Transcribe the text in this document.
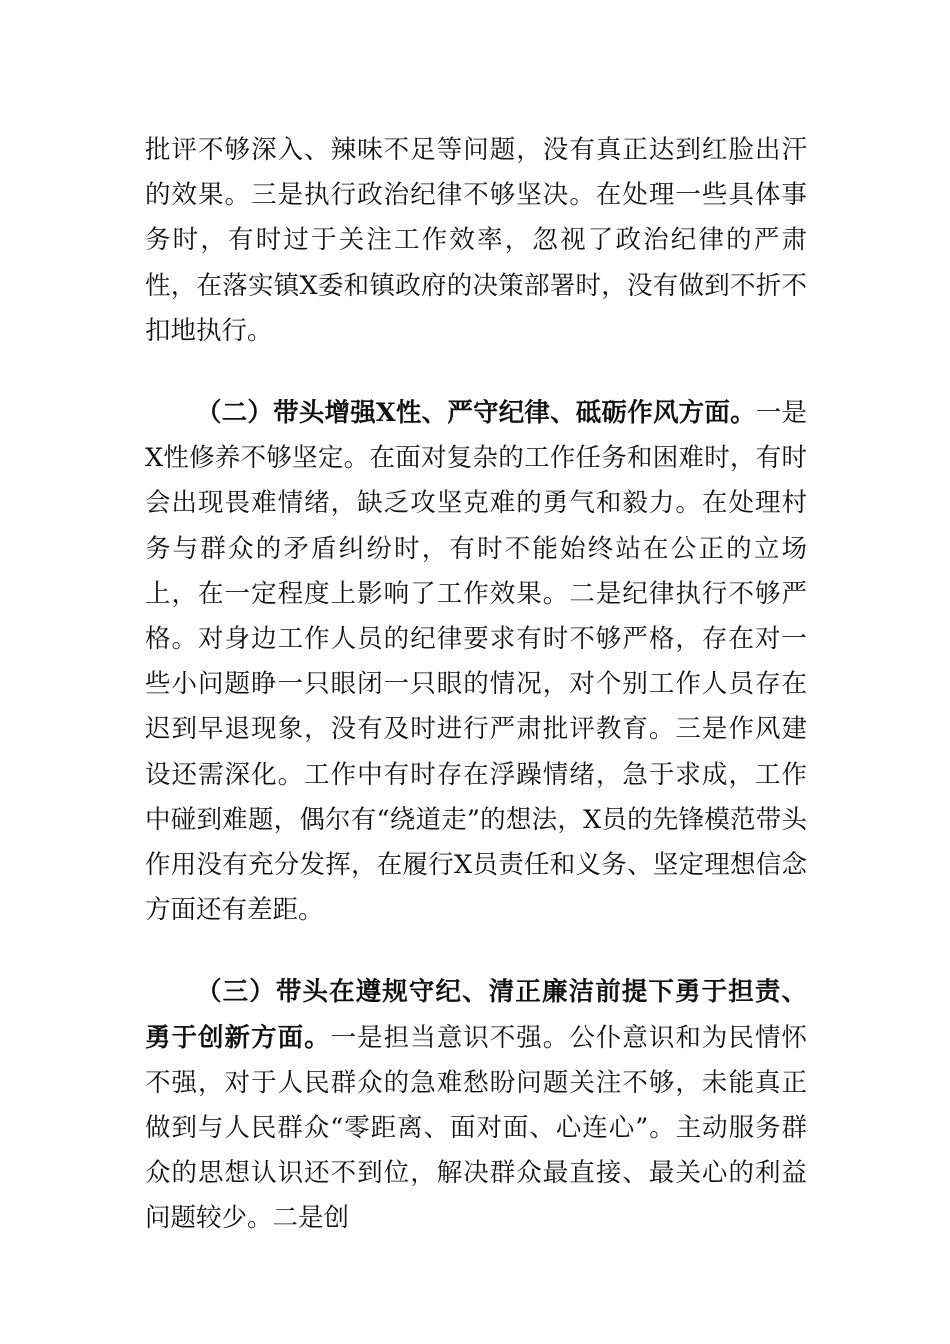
批评不够深入、辣味不足等问题，没有真正达到红脸出汗的效果。三是执行政治纪律不够坚决。在处理一些具体事务时，有时过于关注工作效率，忽视了政治纪律的严肃性，在落实镇X委和镇政府的决策部署时，没有做到不折不扣地执行。

（二）带头增强X性、严守纪律、砥砺作风方面。一是X性修养不够坚定。在面对复杂的工作任务和困难时，有时会出现畏难情绪，缺乏攻坚克难的勇气和毅力。在处理村务与群众的矛盾纠纷时，有时不能始终站在公正的立场上，在一定程度上影响了工作效果。二是纪律执行不够严格。对身边工作人员的纪律要求有时不够严格，存在对一些小问题睁一只眼闭一只眼的情况，对个别工作人员存在迟到早退现象，没有及时进行严肃批评教育。三是作风建设还需深化。工作中有时存在浮躁情绪，急于求成，工作中碰到难题，偶尔有“绕道走”的想法，X员的先锋模范带头作用没有充分发挥，在履行X员责任和义务、坚定理想信念方面还有差距。

（三）带头在遵规守纪、清正廉洁前提下勇于担责、勇于创新方面。一是担当意识不强。公仆意识和为民情怀不强，对于人民群众的急难愁盼问题关注不够，未能真正做到与人民群众“零距离、面对面、心连心”。主动服务群众的思想认识还不到位，解决群众最直接、最关心的利益问题较少。二是创
